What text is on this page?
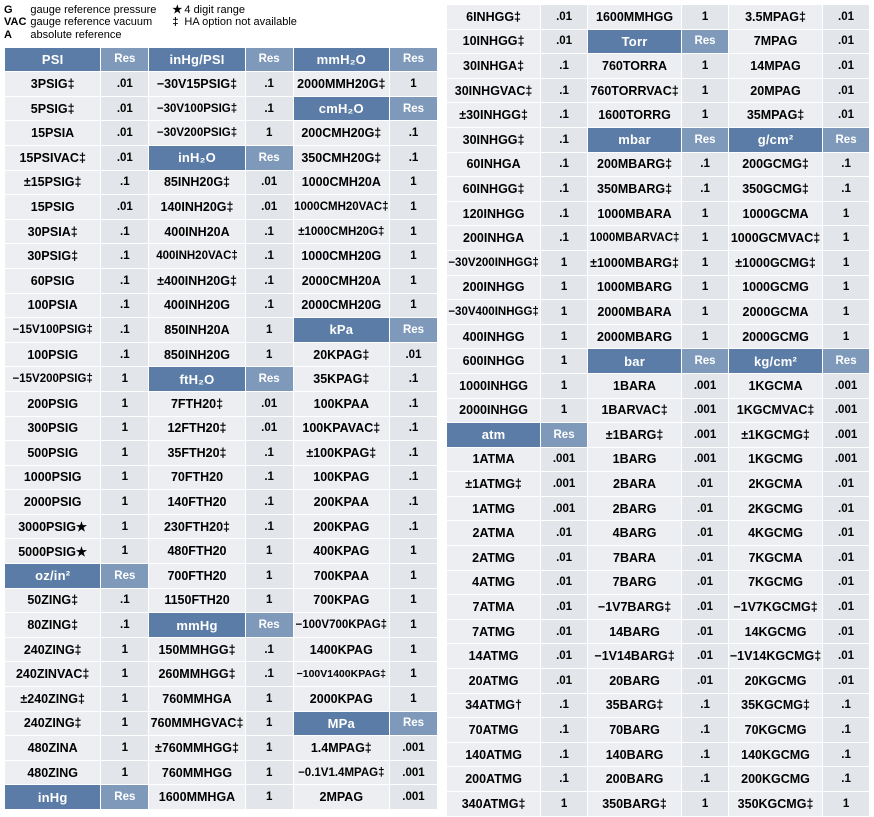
G
VAC
A
gauge reference pressure
gauge reference vacuum
absolute reference
★ 4 digit range
‡ HA option not available
PSI	Res	inHg/PSI	Res	mmH₂O	Res
3PSIG‡	.01	−30V15PSIG‡	.1	2000MMH20G‡	1
5PSIG‡	.01	−30V100PSIG‡	.1	cmH₂O	Res
15PSIA	.01	−30V200PSIG‡	1	200CMH20G‡	.1
15PSIVAC‡	.01	inH₂O	Res	350CMH20G‡	.1
±15PSIG‡	.1	85INH20G‡	.01	1000CMH20A	1
15PSIG	.01	140INH20G‡	.01	1000CMH20VAC‡	1
30PSIA‡	.1	400INH20A	.1	±1000CMH20G‡	1
30PSIG‡	.1	400INH20VAC‡	.1	1000CMH20G	1
60PSIG	.1	±400INH20G‡	.1	2000CMH20A	1
100PSIA	.1	400INH20G	.1	2000CMH20G	1
−15V100PSIG‡	.1	850INH20A	1	kPa	Res
100PSIG	.1	850INH20G	1	20KPAG‡	.01
−15V200PSIG‡	1	ftH₂O	Res	35KPAG‡	.1
200PSIG	1	7FTH20‡	.01	100KPAA	.1
300PSIG	1	12FTH20‡	.01	100KPAVAC‡	.1
500PSIG	1	35FTH20‡	.1	±100KPAG‡	.1
1000PSIG	1	70FTH20	.1	100KPAG	.1
2000PSIG	1	140FTH20	.1	200KPAA	.1
3000PSIG★	1	230FTH20‡	.1	200KPAG	.1
5000PSIG★	1	480FTH20	1	400KPAG	1
oz/in²	Res	700FTH20	1	700KPAA	1
50ZING‡	.1	1150FTH20	1	700KPAG	1
80ZING‡	.1	mmHg	Res	−100V700KPAG‡	1
240ZING‡	1	150MMHGG‡	.1	1400KPAG	1
240ZINVAC‡	1	260MMHGG‡	.1	−100V1400KPAG‡	1
±240ZING‡	1	760MMHGA	1	2000KPAG	1
240ZING‡	1	760MMHGVAC‡	1	MPa	Res
480ZINA	1	±760MMHGG‡	1	1.4MPAG‡	.001
480ZING	1	760MMHGG	1	−0.1V1.4MPAG‡	.001
inHg	Res	1600MMHGA	1	2MPAG	.001
6INHGG‡	.01	1600MMHGG	1	3.5MPAG‡	.01
10INHGG‡	.01	Torr	Res	7MPAG	.01
30INHGA‡	.1	760TORRA	1	14MPAG	.01
30INHGVAC‡	.1	760TORRVAC‡	1	20MPAG	.01
±30INHGG‡	.1	1600TORRG	1	35MPAG‡	.01
30INHGG‡	.1	mbar	Res	g/cm²	Res
60INHGA	.1	200MBARG‡	.1	200GCMG‡	.1
60INHGG‡	.1	350MBARG‡	.1	350GCMG‡	.1
120INHGG	.1	1000MBARA	1	1000GCMA	1
200INHGA	.1	1000MBARVAC‡	1	1000GCMVAC‡	1
−30V200INHGG‡	1	±1000MBARG‡	1	±1000GCMG‡	1
200INHGG	1	1000MBARG	1	1000GCMG	1
−30V400INHGG‡	1	2000MBARA	1	2000GCMA	1
400INHGG	1	2000MBARG	1	2000GCMG	1
600INHGG	1	bar	Res	kg/cm²	Res
1000INHGG	1	1BARA	.001	1KGCMA	.001
2000INHGG	1	1BARVAC‡	.001	1KGCMVAC‡	.001
atm	Res	±1BARG‡	.001	±1KGCMG‡	.001
1ATMA	.001	1BARG	.001	1KGCMG	.001
±1ATMG‡	.001	2BARA	.01	2KGCMA	.01
1ATMG	.001	2BARG	.01	2KGCMG	.01
2ATMA	.01	4BARG	.01	4KGCMG	.01
2ATMG	.01	7BARA	.01	7KGCMA	.01
4ATMG	.01	7BARG	.01	7KGCMG	.01
7ATMA	.01	−1V7BARG‡	.01	−1V7KGCMG‡	.01
7ATMG	.01	14BARG	.01	14KGCMG	.01
14ATMG	.01	−1V14BARG‡	.01	−1V14KGCMG‡	.01
20ATMG	.01	20BARG	.01	20KGCMG	.01
34ATMG†	.1	35BARG‡	.1	35KGCMG‡	.1
70ATMG	.1	70BARG	.1	70KGCMG	.1
140ATMG	.1	140BARG	.1	140KGCMG	.1
200ATMG	.1	200BARG	.1	200KGCMG	.1
340ATMG‡	1	350BARG‡	1	350KGCMG‡	1
